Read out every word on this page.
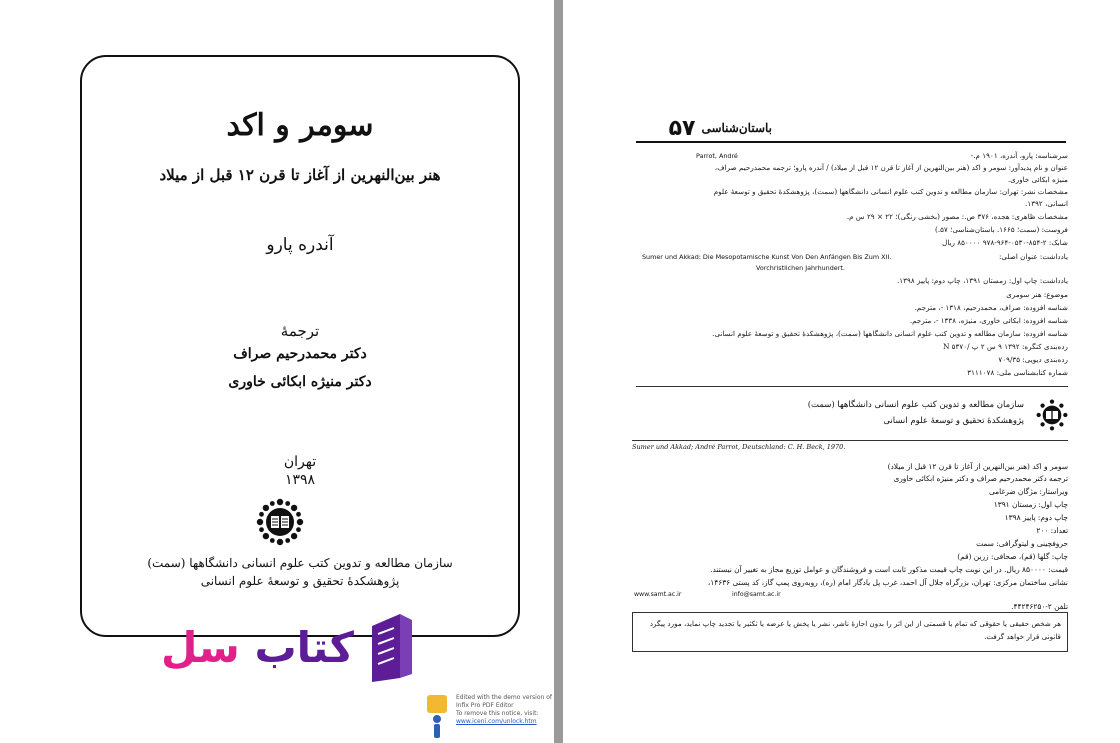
سومر و اکد
هنر بین‌النهرین از آغاز تا قرن ۱۲ قبل از میلاد
آندره پارو
ترجمهٔ
دکتر محمدرحیم صراف
دکتر منیژه ابکائی خاوری
تهران
۱۳۹۸
سازمان مطالعه و تدوین کتب علوم انسانی دانشگاهها (سمت)
پژوهشکدهٔ تحقیق و توسعهٔ علوم انسانی
کتاب سل
Edited with the demo version of
Infix Pro PDF Editor
To remove this notice, visit:
www.iceni.com/unlock.htm
باستان‌شناسی
۵۷
سرشناسه: پارو، آندره، ۱۹۰۱ م.-
Parrot, André
عنوان و نام پدیدآور: سومر و اکد (هنر بین‌النهرین از آغاز تا قرن ۱۲ قبل از میلاد) / آندره پارو؛ ترجمه محمدرحیم صراف،
منیژه ابکائی خاوری.
مشخصات نشر: تهران: سازمان مطالعه و تدوین کتب علوم انسانی دانشگاهها (سمت)، پژوهشکدهٔ تحقیق و توسعهٔ علوم
انسانی، ۱۳۹۲.
مشخصات ظاهری: هجده، ۳۷۶ ص.: مصور (بخشی رنگی)؛ ۲۲ × ۲۹ س م.
فروست: (سمت؛ ۱۶۶۵. باستان‌شناسی؛ ۵۷.)
شابک: ۲-۸۵۴-۰۵۳۰-۹۶۴-۹۷۸ ۸۵۰۰۰۰ ریال
یادداشت: عنوان اصلی:
Sumer und Akkad: Die Mesopotamische Kunst Von Den Anfängen Bis Zum XII.
Vorchristlichen Jahrhundert.
یادداشت: چاپ اول: زمستان ۱۳۹۱، چاپ دوم: پاییز ۱۳۹۸.
موضوع: هنر سومری
شناسه افزوده: صراف، محمدرحیم، ۱۳۱۸ -، مترجم.
شناسه افزوده: ابکائی خاوری، منیژه، ۱۳۳۸ -، مترجم.
شناسه افزوده: سازمان مطالعه و تدوین کتب علوم انسانی دانشگاهها (سمت)، پژوهشکدهٔ تحقیق و توسعهٔ علوم انسانی.
رده‌بندی کنگره: ۱۳۹۲ ۹ س ۲ پ /N ۵۳۷۰
رده‌بندی دیویی: ۷۰۹/۳۵
شماره کتابشناسی ملی: ۳۱۱۱۰۷۸
سازمان مطالعه و تدوین کتب علوم انسانی دانشگاهها (سمت)
پژوهشکدهٔ تحقیق و توسعهٔ علوم انسانی
Sumer und Akkad; André Parrot, Deutschland: C. H. Beck, 1970.
سومر و اکد (هنر بین‌النهرین از آغاز تا قرن ۱۲ قبل از میلاد)
ترجمه دکتر محمدرحیم صراف و دکتر منیژه ابکائی خاوری
ویراستار: مژگان ضرغامی
چاپ اول: زمستان ۱۳۹۱
چاپ دوم: پاییز ۱۳۹۸
تعداد: ۲۰۰
حروفچینی و لیتوگرافی: سمت
چاپ: گلها (قم)، صحافی: زرین (قم)
قیمت: ۸۵۰۰۰۰ ریال. در این نوبت چاپ قیمت مذکور ثابت است و فروشندگان و عوامل توزیع مجاز به تغییر آن نیستند.
نشانی ساختمان مرکزی: تهران، بزرگراه جلال آل احمد، غرب پل یادگار امام (ره)، روبه‌روی پمپ گاز، کد پستی ۱۴۶۳۶،
www.samt.ac.ir	info@samt.ac.ir
تلفن ۲-۴۴۲۴۶۲۵۰.
هر شخص حقیقی یا حقوقی که تمام یا قسمتی از این اثر را بدون اجازهٔ ناشر، نشر یا پخش یا عرضه یا تکثیر یا تجدید چاپ نماید، مورد پیگرد قانونی قرار خواهد گرفت.
